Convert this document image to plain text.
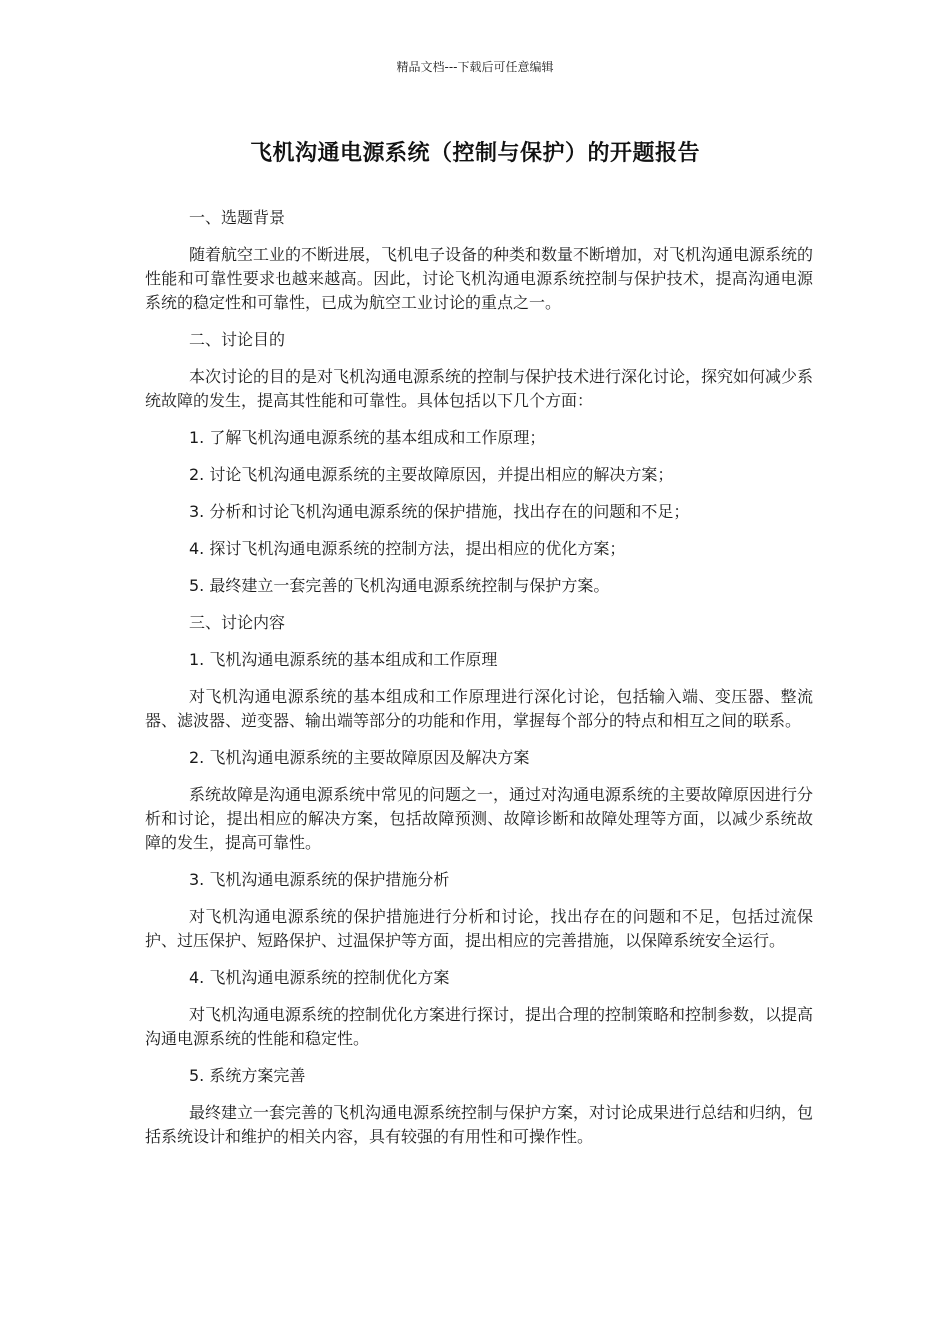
精品文档---下载后可任意编辑
飞机沟通电源系统（控制与保护）的开题报告

一、选题背景

随着航空工业的不断进展，飞机电子设备的种类和数量不断增加，对飞机沟通电源系统的性能和可靠性要求也越来越高。因此，讨论飞机沟通电源系统控制与保护技术，提高沟通电源系统的稳定性和可靠性，已成为航空工业讨论的重点之一。

二、讨论目的

本次讨论的目的是对飞机沟通电源系统的控制与保护技术进行深化讨论，探究如何减少系统故障的发生，提高其性能和可靠性。具体包括以下几个方面：

1. 了解飞机沟通电源系统的基本组成和工作原理；

2. 讨论飞机沟通电源系统的主要故障原因，并提出相应的解决方案；

3. 分析和讨论飞机沟通电源系统的保护措施，找出存在的问题和不足；

4. 探讨飞机沟通电源系统的控制方法，提出相应的优化方案；

5. 最终建立一套完善的飞机沟通电源系统控制与保护方案。

三、讨论内容

1. 飞机沟通电源系统的基本组成和工作原理

对飞机沟通电源系统的基本组成和工作原理进行深化讨论，包括输入端、变压器、整流器、滤波器、逆变器、输出端等部分的功能和作用，掌握每个部分的特点和相互之间的联系。

2. 飞机沟通电源系统的主要故障原因及解决方案

系统故障是沟通电源系统中常见的问题之一，通过对沟通电源系统的主要故障原因进行分析和讨论，提出相应的解决方案，包括故障预测、故障诊断和故障处理等方面，以减少系统故障的发生，提高可靠性。

3. 飞机沟通电源系统的保护措施分析

对飞机沟通电源系统的保护措施进行分析和讨论，找出存在的问题和不足，包括过流保护、过压保护、短路保护、过温保护等方面，提出相应的完善措施，以保障系统安全运行。

4. 飞机沟通电源系统的控制优化方案

对飞机沟通电源系统的控制优化方案进行探讨，提出合理的控制策略和控制参数，以提高沟通电源系统的性能和稳定性。

5. 系统方案完善

最终建立一套完善的飞机沟通电源系统控制与保护方案，对讨论成果进行总结和归纳，包括系统设计和维护的相关内容，具有较强的有用性和可操作性。
